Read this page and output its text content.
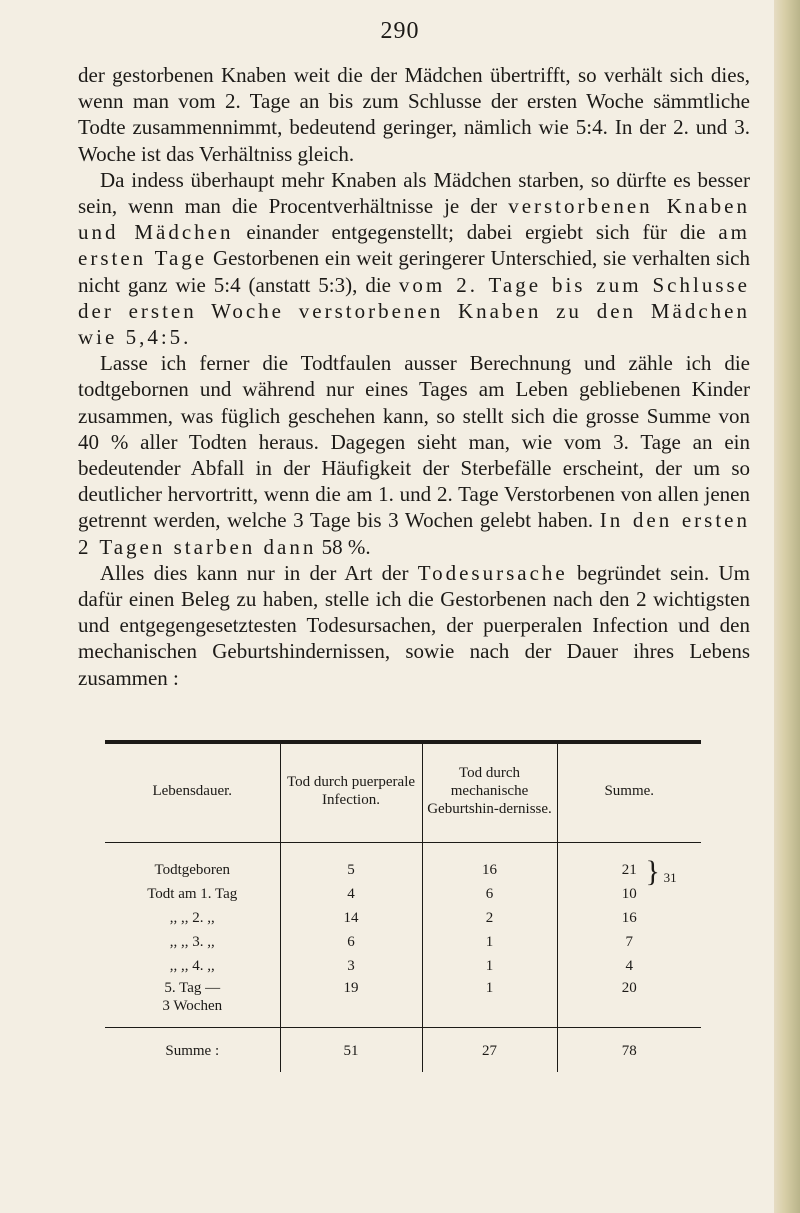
290

der gestorbenen Knaben weit die der Mädchen übertrifft, so verhält sich dies, wenn man vom 2. Tage an bis zum Schlusse der ersten Woche sämmtliche Todte zusammennimmt, bedeutend geringer, nämlich wie 5:4. In der 2. und 3. Woche ist das Verhältniss gleich.

Da indess überhaupt mehr Knaben als Mädchen starben, so dürfte es besser sein, wenn man die Procentverhältnisse je der verstorbenen Knaben und Mädchen einander entgegenstellt; dabei ergiebt sich für die am ersten Tage Gestorbenen ein weit geringerer Unterschied, sie verhalten sich nicht ganz wie 5:4 (anstatt 5:3), die vom 2. Tage bis zum Schlusse der ersten Woche verstorbenen Knaben zu den Mädchen wie 5,4:5.

Lasse ich ferner die Todtfaulen ausser Berechnung und zähle ich die todtgebornen und während nur eines Tages am Leben gebliebenen Kinder zusammen, was füglich geschehen kann, so stellt sich die grosse Summe von 40 % aller Todten heraus. Dagegen sieht man, wie vom 3. Tage an ein bedeutender Abfall in der Häufigkeit der Sterbefälle erscheint, der um so deutlicher hervortritt, wenn die am 1. und 2. Tage Verstorbenen von allen jenen getrennt werden, welche 3 Tage bis 3 Wochen gelebt haben. In den ersten 2 Tagen starben dann 58 %.

Alles dies kann nur in der Art der Todesursache begründet sein. Um dafür einen Beleg zu haben, stelle ich die Gestorbenen nach den 2 wichtigsten und entgegengesetztesten Todesursachen, der puerperalen Infection und den mechanischen Geburtshindernissen, sowie nach der Dauer ihres Lebens zusammen :

Lebensdauer.	Tod durch puerperale Infection.	Tod durch mechanische Geburtshin-dernisse.	Summe.
Todtgeboren	5	16	21
Todt am 1. Tag	4	6	10
} 31

,, ,, 2. ,,	14	2	16
,, ,, 3. ,,	6	1	7
,, ,, 4. ,,	3	1	4
5. Tag —
3 Wochen	19	1	20
Summe :	51	27	78
